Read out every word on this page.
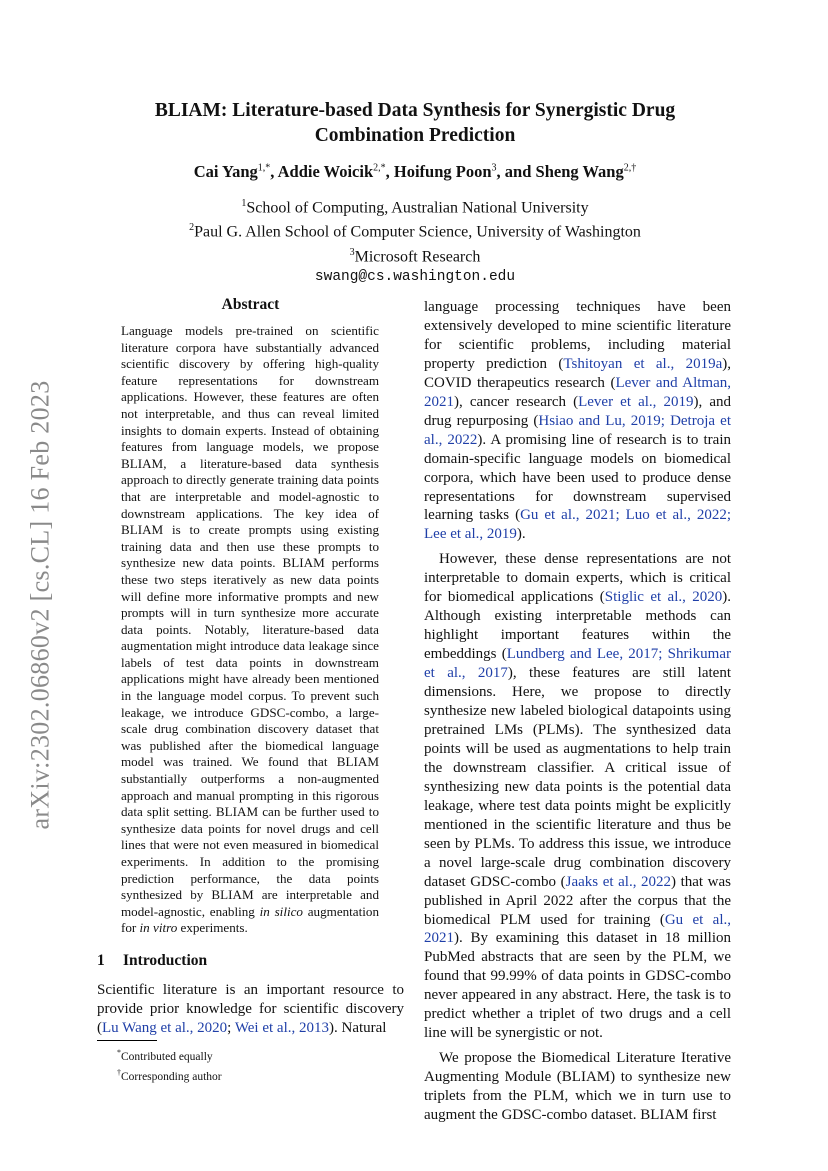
arXiv:2302.06860v2 [cs.CL] 16 Feb 2023
BLIAM: Literature-based Data Synthesis for Synergistic Drug
Combination Prediction
Cai Yang$^{1,*}$, Addie Woicik$^{2,*}$, Hoifung Poon$^3$, and Sheng Wang$^{2,\dagger}$
$^1$School of Computing, Australian National University
$^2$Paul G. Allen School of Computer Science, University of Washington
$^3$Microsoft Research
swang@cs.washington.edu
Abstract
Language models pre-trained on scientific literature corpora have substantially advanced scientific discovery by offering high-quality feature representations for downstream applications. However, these features are often not interpretable, and thus can reveal limited insights to domain experts. Instead of obtaining features from language models, we propose BLIAM, a literature-based data synthesis approach to directly generate training data points that are interpretable and model-agnostic to downstream applications. The key idea of BLIAM is to create prompts using existing training data and then use these prompts to synthesize new data points. BLIAM performs these two steps iteratively as new data points will define more informative prompts and new prompts will in turn synthesize more accurate data points. Notably, literature-based data augmentation might introduce data leakage since labels of test data points in downstream applications might have already been mentioned in the language model corpus. To prevent such leakage, we introduce GDSC-combo, a large-scale drug combination discovery dataset that was published after the biomedical language model was trained. We found that BLIAM substantially outperforms a non-augmented approach and manual prompting in this rigorous data split setting. BLIAM can be further used to synthesize data points for novel drugs and cell lines that were not even measured in biomedical experiments. In addition to the promising prediction performance, the data points synthesized by BLIAM are interpretable and model-agnostic, enabling in silico augmentation for in vitro experiments.
1 Introduction
Scientific literature is an important resource to provide prior knowledge for scientific discovery (Lu Wang et al., 2020; Wei et al., 2013). Natural
*Contributed equally
†Corresponding author

language processing techniques have been extensively developed to mine scientific literature for scientific problems, including material property prediction (Tshitoyan et al., 2019a), COVID therapeutics research (Lever and Altman, 2021), cancer research (Lever et al., 2019), and drug repurposing (Hsiao and Lu, 2019; Detroja et al., 2022). A promising line of research is to train domain-specific language models on biomedical corpora, which have been used to produce dense representations for downstream supervised learning tasks (Gu et al., 2021; Luo et al., 2022; Lee et al., 2019).

However, these dense representations are not interpretable to domain experts, which is critical for biomedical applications (Stiglic et al., 2020). Although existing interpretable methods can highlight important features within the embeddings (Lundberg and Lee, 2017; Shrikumar et al., 2017), these features are still latent dimensions. Here, we propose to directly synthesize new labeled biological datapoints using pretrained LMs (PLMs). The synthesized data points will be used as augmentations to help train the downstream classifier. A critical issue of synthesizing new data points is the potential data leakage, where test data points might be explicitly mentioned in the scientific literature and thus be seen by PLMs. To address this issue, we introduce a novel large-scale drug combination discovery dataset GDSC-combo (Jaaks et al., 2022) that was published in April 2022 after the corpus that the biomedical PLM used for training (Gu et al., 2021). By examining this dataset in 18 million PubMed abstracts that are seen by the PLM, we found that 99.99% of data points in GDSC-combo never appeared in any abstract. Here, the task is to predict whether a triplet of two drugs and a cell line will be synergistic or not.

We propose the Biomedical Literature Iterative Augmenting Module (BLIAM) to synthesize new triplets from the PLM, which we in turn use to augment the GDSC-combo dataset. BLIAM first
